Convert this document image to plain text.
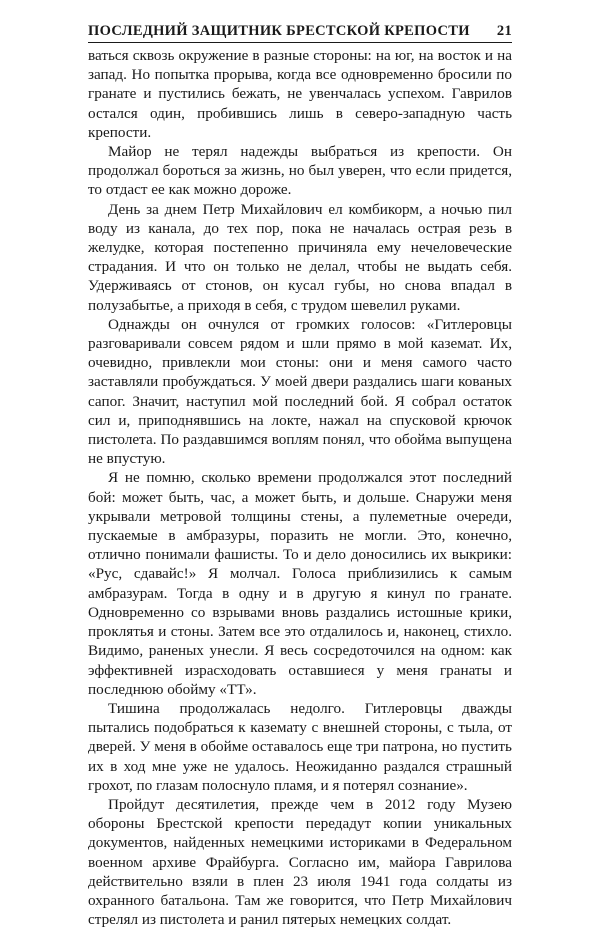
ПОСЛЕДНИЙ ЗАЩИТНИК БРЕСТСКОЙ КРЕПОСТИ 21

ваться сквозь окружение в разные стороны: на юг, на восток и на запад. Но попытка прорыва, когда все одновременно бросили по гранате и пустились бежать, не увенчалась успехом. Гаврилов остался один, пробившись лишь в северо-западную часть крепости.

Майор не терял надежды выбраться из крепости. Он продолжал бороться за жизнь, но был уверен, что если придется, то отдаст ее как можно дороже.

День за днем Петр Михайлович ел комбикорм, а ночью пил воду из канала, до тех пор, пока не началась острая резь в желудке, которая постепенно причиняла ему нечеловеческие страдания. И что он только не делал, чтобы не выдать себя. Удерживаясь от стонов, он кусал губы, но снова впадал в полузабытье, а приходя в себя, с трудом шевелил руками.

Однажды он очнулся от громких голосов: «Гитлеровцы разговаривали совсем рядом и шли прямо в мой каземат. Их, очевидно, привлекли мои стоны: они и меня самого часто заставляли пробуждаться. У моей двери раздались шаги кованых сапог. Значит, наступил мой последний бой. Я собрал остаток сил и, приподнявшись на локте, нажал на спусковой крючок пистолета. По раздавшимся воплям понял, что обойма выпущена не впустую.

Я не помню, сколько времени продолжался этот последний бой: может быть, час, а может быть, и дольше. Снаружи меня укрывали метровой толщины стены, а пулеметные очереди, пускаемые в амбразуры, поразить не могли. Это, конечно, отлично понимали фашисты. То и дело доносились их выкрики: «Рус, сдавайс!» Я молчал. Голоса приблизились к самым амбразурам. Тогда в одну и в другую я кинул по гранате. Одновременно со взрывами вновь раздались истошные крики, проклятья и стоны. Затем все это отдалилось и, наконец, стихло. Видимо, раненых унесли. Я весь сосредоточился на одном: как эффективней израсходовать оставшиеся у меня гранаты и последнюю обойму «ТТ».

Тишина продолжалась недолго. Гитлеровцы дважды пытались подобраться к каземату с внешней стороны, с тыла, от дверей. У меня в обойме оставалось еще три патрона, но пустить их в ход мне уже не удалось. Неожиданно раздался страшный грохот, по глазам полоснуло пламя, и я потерял сознание».

Пройдут десятилетия, прежде чем в 2012 году Музею обороны Брестской крепости передадут копии уникальных документов, найденных немецкими историками в Федеральном военном архиве Фрайбурга. Согласно им, майора Гаврилова действительно взяли в плен 23 июля 1941 года солдаты из охранного батальона. Там же говорится, что Петр Михайлович стрелял из пистолета и ранил пятерых немецких солдат.
